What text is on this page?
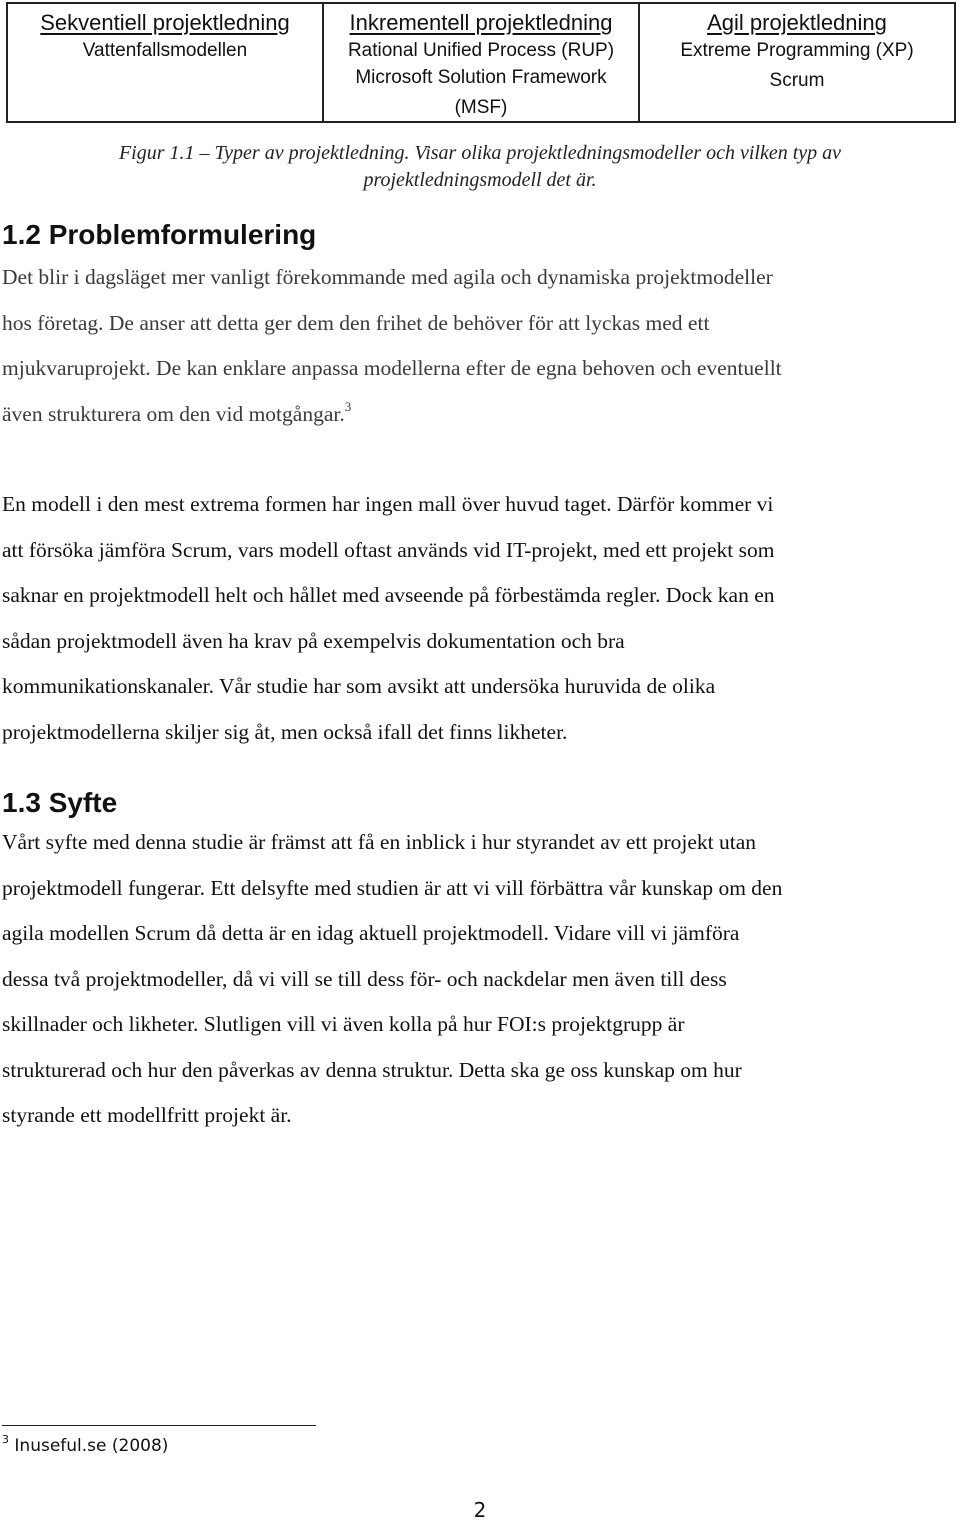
Sekventiell projektledning
Vattenfallsmodellen
Inkrementell projektledning
Rational Unified Process (RUP)
Microsoft Solution Framework
(MSF)
Agil projektledning
Extreme Programming (XP)
Scrum
Figur 1.1 – Typer av projektledning. Visar olika projektledningsmodeller och vilken typ av
projektledningsmodell det är.
1.2 Problemformulering
Det blir i dagsläget mer vanligt förekommande med agila och dynamiska projektmodeller
hos företag. De anser att detta ger dem den frihet de behöver för att lyckas med ett
mjukvaruprojekt. De kan enklare anpassa modellerna efter de egna behoven och eventuellt
även strukturera om den vid motgångar.$^3$
En modell i den mest extrema formen har ingen mall över huvud taget. Därför kommer vi
att försöka jämföra Scrum, vars modell oftast används vid IT-projekt, med ett projekt som
saknar en projektmodell helt och hållet med avseende på förbestämda regler. Dock kan en
sådan projektmodell även ha krav på exempelvis dokumentation och bra
kommunikationskanaler. Vår studie har som avsikt att undersöka huruvida de olika
projektmodellerna skiljer sig åt, men också ifall det finns likheter.
1.3 Syfte
Vårt syfte med denna studie är främst att få en inblick i hur styrandet av ett projekt utan
projektmodell fungerar. Ett delsyfte med studien är att vi vill förbättra vår kunskap om den
agila modellen Scrum då detta är en idag aktuell projektmodell. Vidare vill vi jämföra
dessa två projektmodeller, då vi vill se till dess för- och nackdelar men även till dess
skillnader och likheter. Slutligen vill vi även kolla på hur FOI:s projektgrupp är
strukturerad och hur den påverkas av denna struktur. Detta ska ge oss kunskap om hur
styrande ett modellfritt projekt är.
$^3$ Inuseful.se (2008)
2
